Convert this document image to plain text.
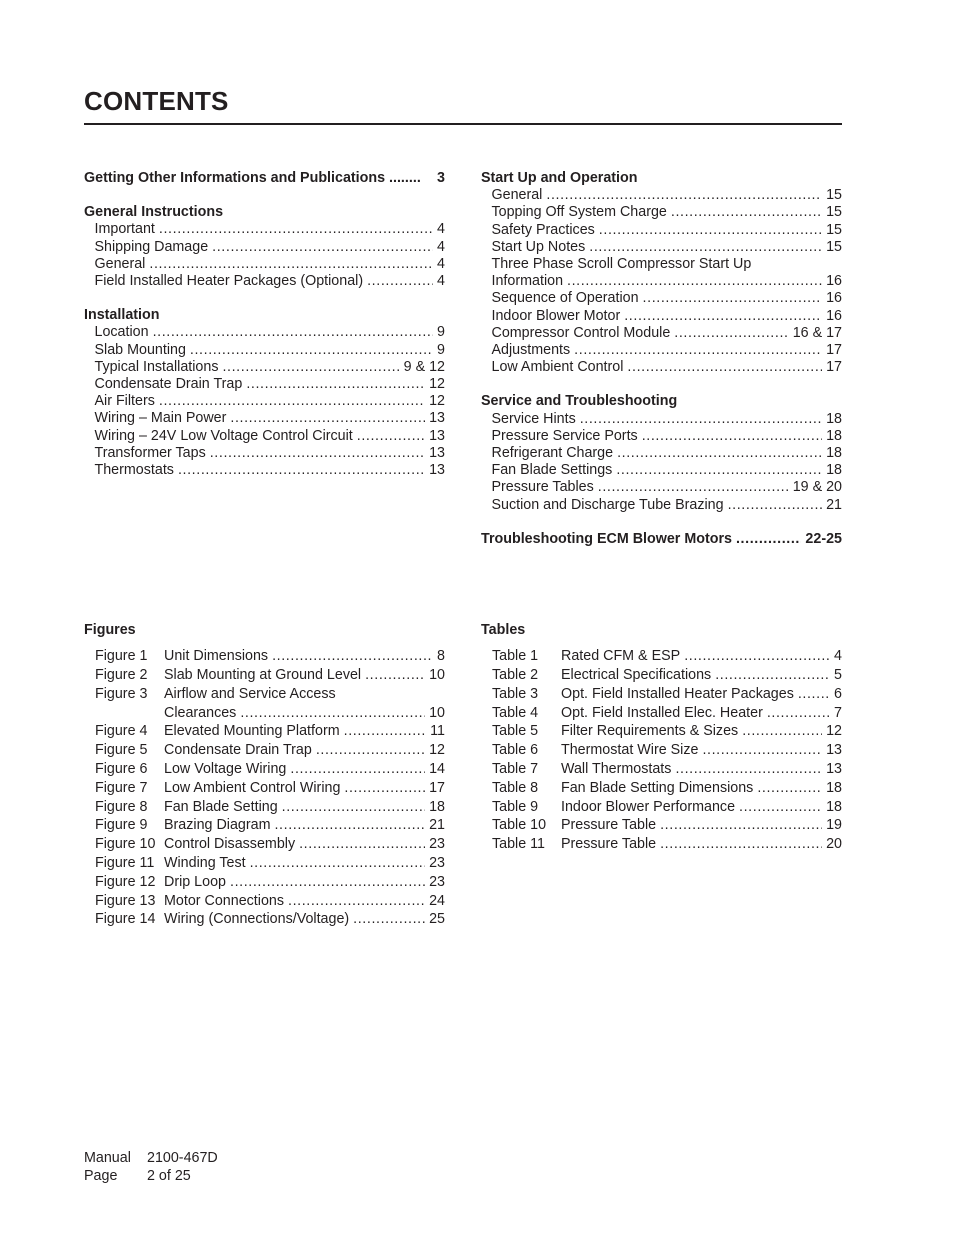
CONTENTS
Getting Other Informations and Publications ........ 3
General Instructions
Important .....	4
Shipping Damage .....	4
General .....	4
Field Installed Heater Packages (Optional) .....	4
Installation
Location .....	9
Slab Mounting .....	9
Typical Installations .....	9 & 12
Condensate Drain Trap .....	12
Air Filters .....	12
Wiring – Main Power .....	13
Wiring – 24V Low Voltage Control Circuit .....	13
Transformer Taps .....	13
Thermostats .....	13
Start Up and Operation
General .....	15
Topping Off System Charge .....	15
Safety Practices .....	15
Start Up Notes .....	15
Three Phase Scroll Compressor Start Up
Information .....	16
Sequence of Operation .....	16
Indoor Blower Motor .....	16
Compressor Control Module .....	16 & 17
Adjustments .....	17
Low Ambient Control .....	17
Service and Troubleshooting
Service Hints .....	18
Pressure Service Ports .....	18
Refrigerant Charge .....	18
Fan Blade Settings .....	18
Pressure Tables .....	19 & 20
Suction and Discharge Tube Brazing .....	21
Troubleshooting ECM Blower Motors .....	22-25
Figures
Figure 1	Unit Dimensions .....	8
Figure 2	Slab Mounting at Ground Level .....	10
Figure 3	Airflow and Service Access
Clearances .....	10
Figure 4	Elevated Mounting Platform .....	11
Figure 5	Condensate Drain Trap .....	12
Figure 6	Low Voltage Wiring .....	14
Figure 7	Low Ambient Control Wiring .....	17
Figure 8	Fan Blade Setting .....	18
Figure 9	Brazing Diagram .....	21
Figure 10 Control Disassembly .....	23
Figure 11 Winding Test .....	23
Figure 12 Drip Loop .....	23
Figure 13 Motor Connections .....	24
Figure 14 Wiring (Connections/Voltage) .....	25
Tables
Table 1	Rated CFM & ESP .....	4
Table 2	Electrical Specifications .....	5
Table 3	Opt. Field Installed Heater Packages .....	6
Table 4	Opt. Field Installed Elec. Heater .....	7
Table 5	Filter Requirements & Sizes .....	12
Table 6	Thermostat Wire Size .....	13
Table 7	Wall Thermostats .....	13
Table 8	Fan Blade Setting Dimensions .....	18
Table 9	Indoor Blower Performance .....	18
Table 10	Pressure Table .....	19
Table 11	Pressure Table .....	20
Manual	2100-467D
Page	2 of 25
